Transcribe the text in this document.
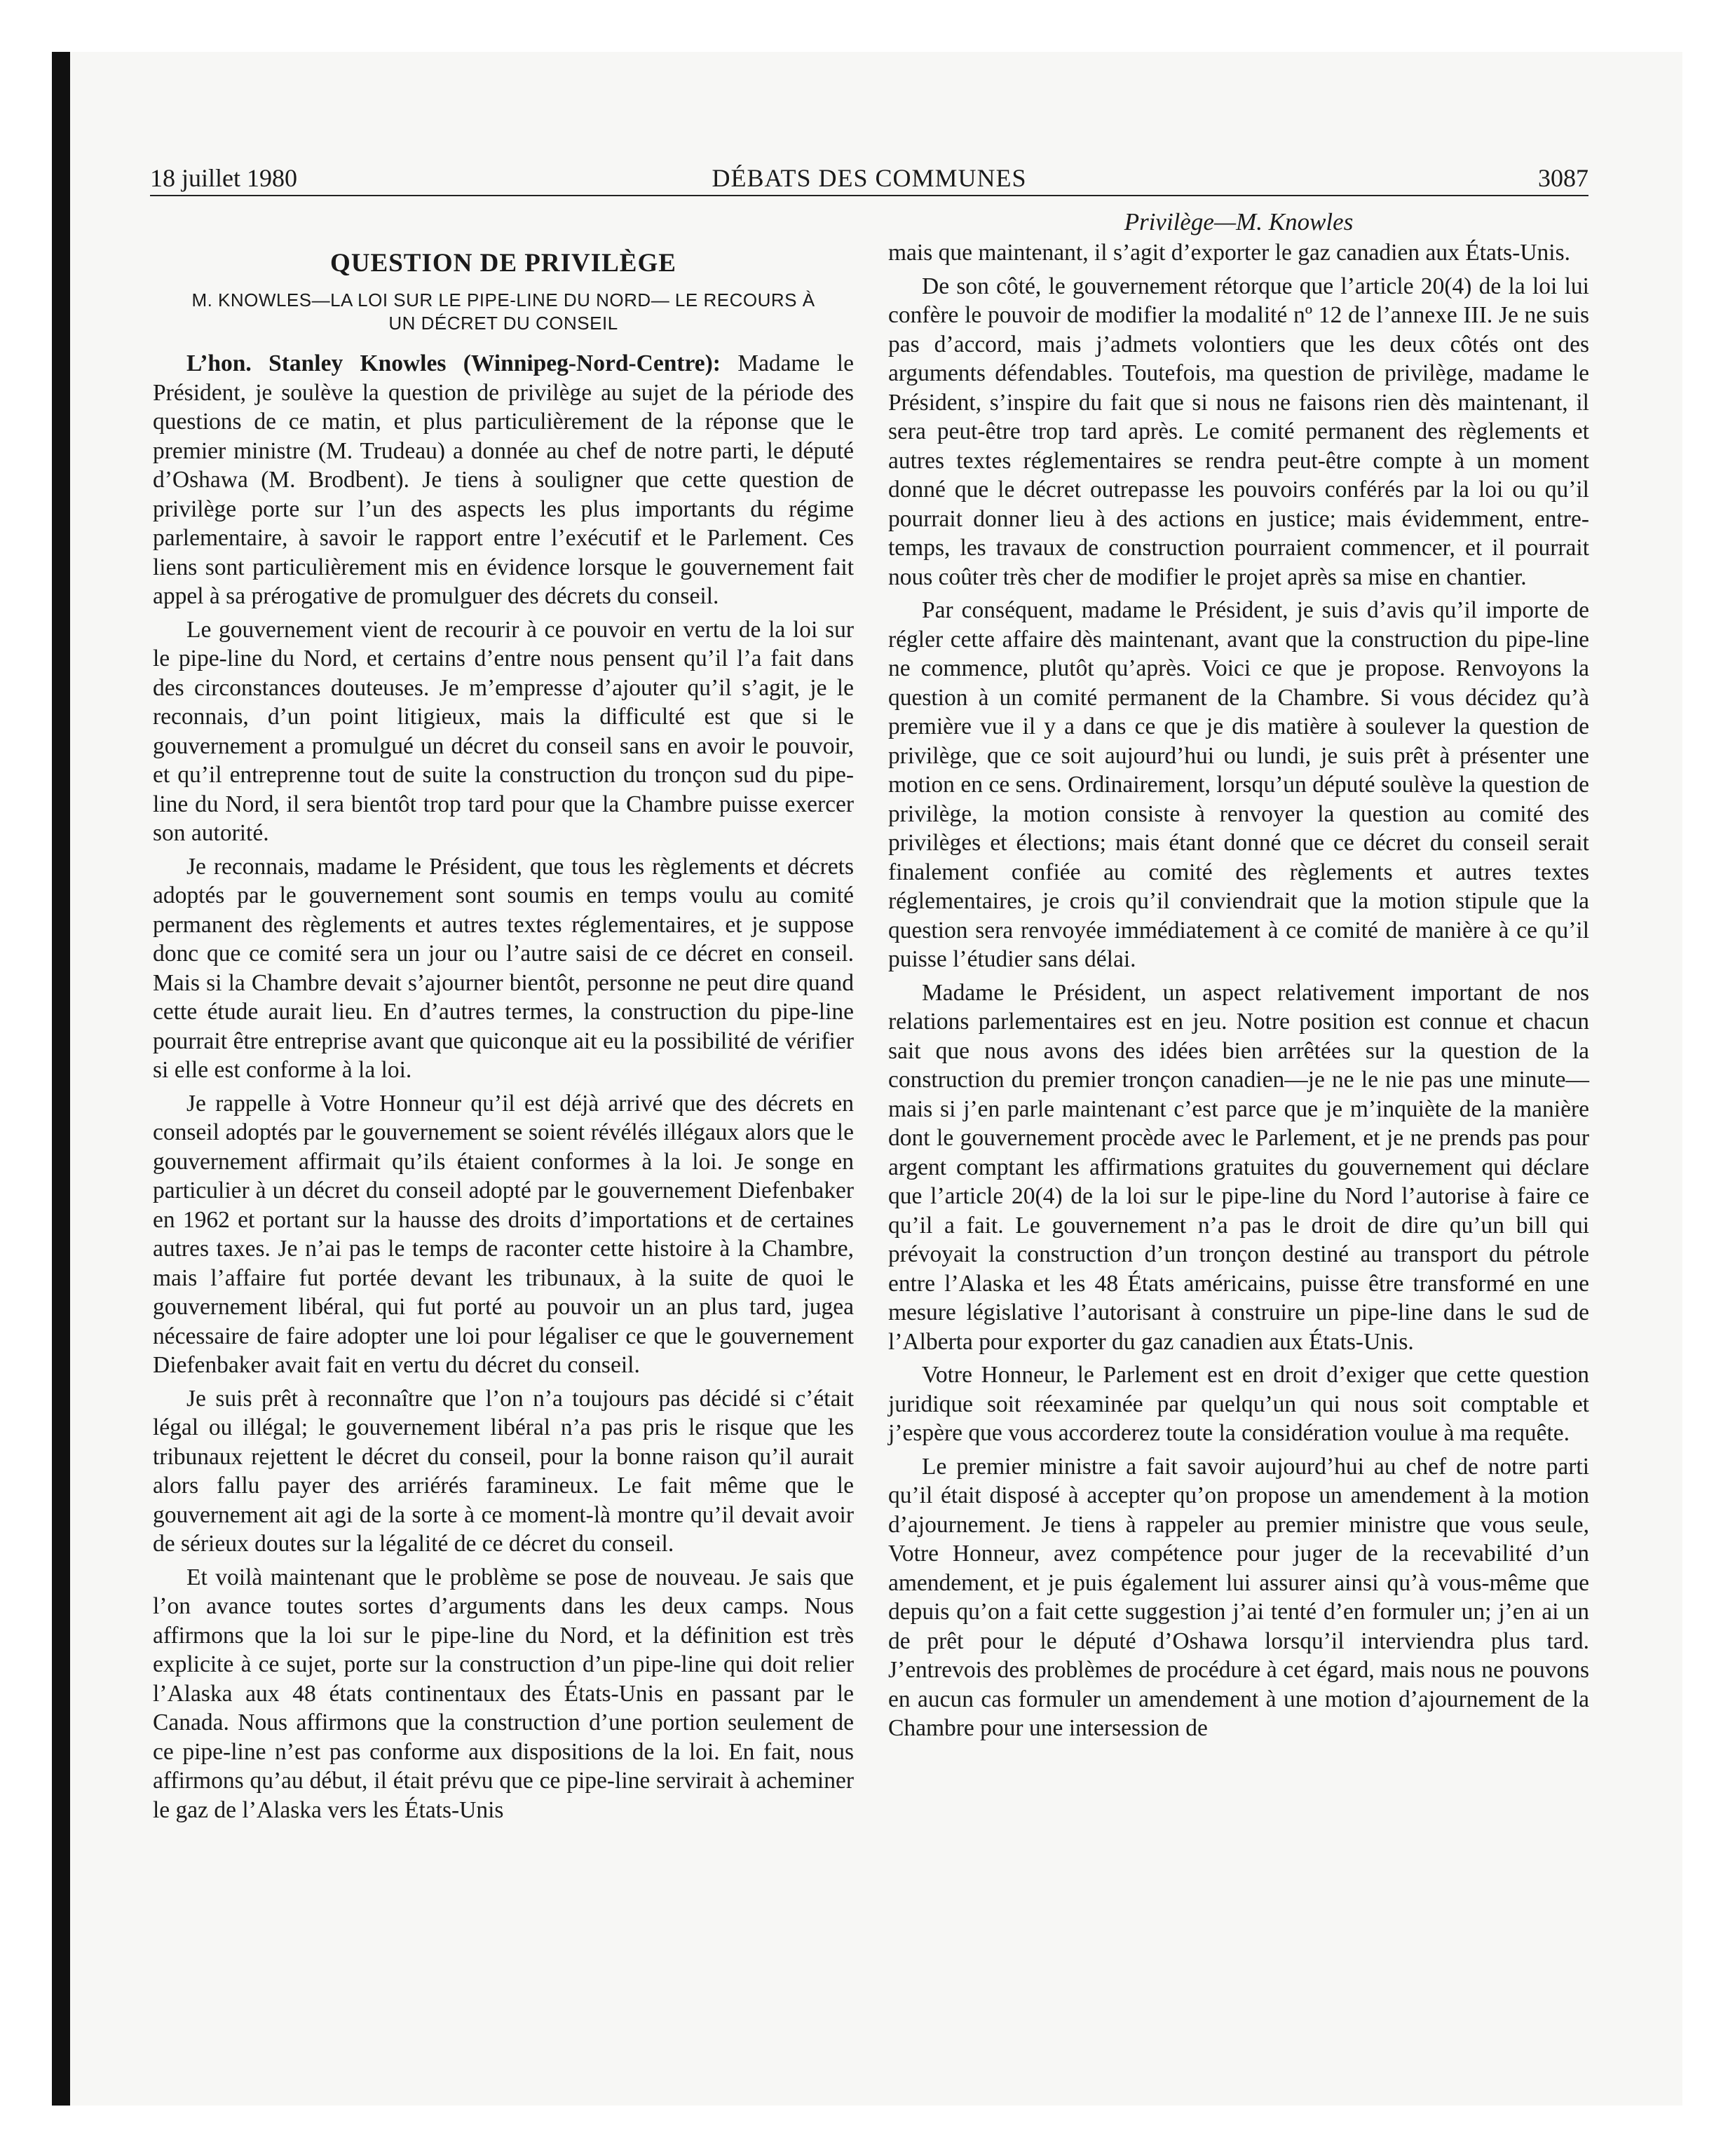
18 juillet 1980	DÉBATS DES COMMUNES	3087
QUESTION DE PRIVILÈGE
M. KNOWLES—LA LOI SUR LE PIPE-LINE DU NORD— LE RECOURS À UN DÉCRET DU CONSEIL

L’hon. Stanley Knowles (Winnipeg-Nord-Centre): Madame le Président, je soulève la question de privilège au sujet de la période des questions de ce matin, et plus particulièrement de la réponse que le premier ministre (M. Trudeau) a donnée au chef de notre parti, le député d’Oshawa (M. Brodbent). Je tiens à souligner que cette question de privilège porte sur l’un des aspects les plus importants du régime parlementaire, à savoir le rapport entre l’exécutif et le Parlement. Ces liens sont particulièrement mis en évidence lorsque le gouvernement fait appel à sa prérogative de promulguer des décrets du conseil.

Le gouvernement vient de recourir à ce pouvoir en vertu de la loi sur le pipe-line du Nord, et certains d’entre nous pensent qu’il l’a fait dans des circonstances douteuses. Je m’empresse d’ajouter qu’il s’agit, je le reconnais, d’un point litigieux, mais la difficulté est que si le gouvernement a promulgué un décret du conseil sans en avoir le pouvoir, et qu’il entreprenne tout de suite la construction du tronçon sud du pipe-line du Nord, il sera bientôt trop tard pour que la Chambre puisse exercer son autorité.

Je reconnais, madame le Président, que tous les règlements et décrets adoptés par le gouvernement sont soumis en temps voulu au comité permanent des règlements et autres textes réglementaires, et je suppose donc que ce comité sera un jour ou l’autre saisi de ce décret en conseil. Mais si la Chambre devait s’ajourner bientôt, personne ne peut dire quand cette étude aurait lieu. En d’autres termes, la construction du pipe-line pourrait être entreprise avant que quiconque ait eu la possibilité de vérifier si elle est conforme à la loi.

Je rappelle à Votre Honneur qu’il est déjà arrivé que des décrets en conseil adoptés par le gouvernement se soient révélés illégaux alors que le gouvernement affirmait qu’ils étaient conformes à la loi. Je songe en particulier à un décret du conseil adopté par le gouvernement Diefenbaker en 1962 et portant sur la hausse des droits d’importations et de certaines autres taxes. Je n’ai pas le temps de raconter cette histoire à la Chambre, mais l’affaire fut portée devant les tribunaux, à la suite de quoi le gouvernement libéral, qui fut porté au pouvoir un an plus tard, jugea nécessaire de faire adopter une loi pour légaliser ce que le gouvernement Diefenbaker avait fait en vertu du décret du conseil.

Je suis prêt à reconnaître que l’on n’a toujours pas décidé si c’était légal ou illégal; le gouvernement libéral n’a pas pris le risque que les tribunaux rejettent le décret du conseil, pour la bonne raison qu’il aurait alors fallu payer des arriérés faramineux. Le fait même que le gouvernement ait agi de la sorte à ce moment-là montre qu’il devait avoir de sérieux doutes sur la légalité de ce décret du conseil.

Et voilà maintenant que le problème se pose de nouveau. Je sais que l’on avance toutes sortes d’arguments dans les deux camps. Nous affirmons que la loi sur le pipe-line du Nord, et la définition est très explicite à ce sujet, porte sur la construction d’un pipe-line qui doit relier l’Alaska aux 48 états continentaux des États-Unis en passant par le Canada. Nous affirmons que la construction d’une portion seulement de ce pipe-line n’est pas conforme aux dispositions de la loi. En fait, nous affirmons qu’au début, il était prévu que ce pipe-line servirait à acheminer le gaz de l’Alaska vers les États-Unis

Privilège—M. Knowles

mais que maintenant, il s’agit d’exporter le gaz canadien aux États-Unis.

De son côté, le gouvernement rétorque que l’article 20(4) de la loi lui confère le pouvoir de modifier la modalité nº 12 de l’annexe III. Je ne suis pas d’accord, mais j’admets volontiers que les deux côtés ont des arguments défendables. Toutefois, ma question de privilège, madame le Président, s’inspire du fait que si nous ne faisons rien dès maintenant, il sera peut-être trop tard après. Le comité permanent des règlements et autres textes réglementaires se rendra peut-être compte à un moment donné que le décret outrepasse les pouvoirs conférés par la loi ou qu’il pourrait donner lieu à des actions en justice; mais évidemment, entre-temps, les travaux de construction pourraient commencer, et il pourrait nous coûter très cher de modifier le projet après sa mise en chantier.

Par conséquent, madame le Président, je suis d’avis qu’il importe de régler cette affaire dès maintenant, avant que la construction du pipe-line ne commence, plutôt qu’après. Voici ce que je propose. Renvoyons la question à un comité permanent de la Chambre. Si vous décidez qu’à première vue il y a dans ce que je dis matière à soulever la question de privilège, que ce soit aujourd’hui ou lundi, je suis prêt à présenter une motion en ce sens. Ordinairement, lorsqu’un député soulève la question de privilège, la motion consiste à renvoyer la question au comité des privilèges et élections; mais étant donné que ce décret du conseil serait finalement confiée au comité des règlements et autres textes réglementaires, je crois qu’il conviendrait que la motion stipule que la question sera renvoyée immédiatement à ce comité de manière à ce qu’il puisse l’étudier sans délai.

Madame le Président, un aspect relativement important de nos relations parlementaires est en jeu. Notre position est connue et chacun sait que nous avons des idées bien arrêtées sur la question de la construction du premier tronçon canadien—je ne le nie pas une minute—mais si j’en parle maintenant c’est parce que je m’inquiète de la manière dont le gouvernement procède avec le Parlement, et je ne prends pas pour argent comptant les affirmations gratuites du gouvernement qui déclare que l’article 20(4) de la loi sur le pipe-line du Nord l’autorise à faire ce qu’il a fait. Le gouvernement n’a pas le droit de dire qu’un bill qui prévoyait la construction d’un tronçon destiné au transport du pétrole entre l’Alaska et les 48 États américains, puisse être transformé en une mesure législative l’autorisant à construire un pipe-line dans le sud de l’Alberta pour exporter du gaz canadien aux États-Unis.

Votre Honneur, le Parlement est en droit d’exiger que cette question juridique soit réexaminée par quelqu’un qui nous soit comptable et j’espère que vous accorderez toute la considération voulue à ma requête.

Le premier ministre a fait savoir aujourd’hui au chef de notre parti qu’il était disposé à accepter qu’on propose un amendement à la motion d’ajournement. Je tiens à rappeler au premier ministre que vous seule, Votre Honneur, avez compétence pour juger de la recevabilité d’un amendement, et je puis également lui assurer ainsi qu’à vous-même que depuis qu’on a fait cette suggestion j’ai tenté d’en formuler un; j’en ai un de prêt pour le député d’Oshawa lorsqu’il interviendra plus tard. J’entrevois des problèmes de procédure à cet égard, mais nous ne pouvons en aucun cas formuler un amendement à une motion d’ajournement de la Chambre pour une intersession de
